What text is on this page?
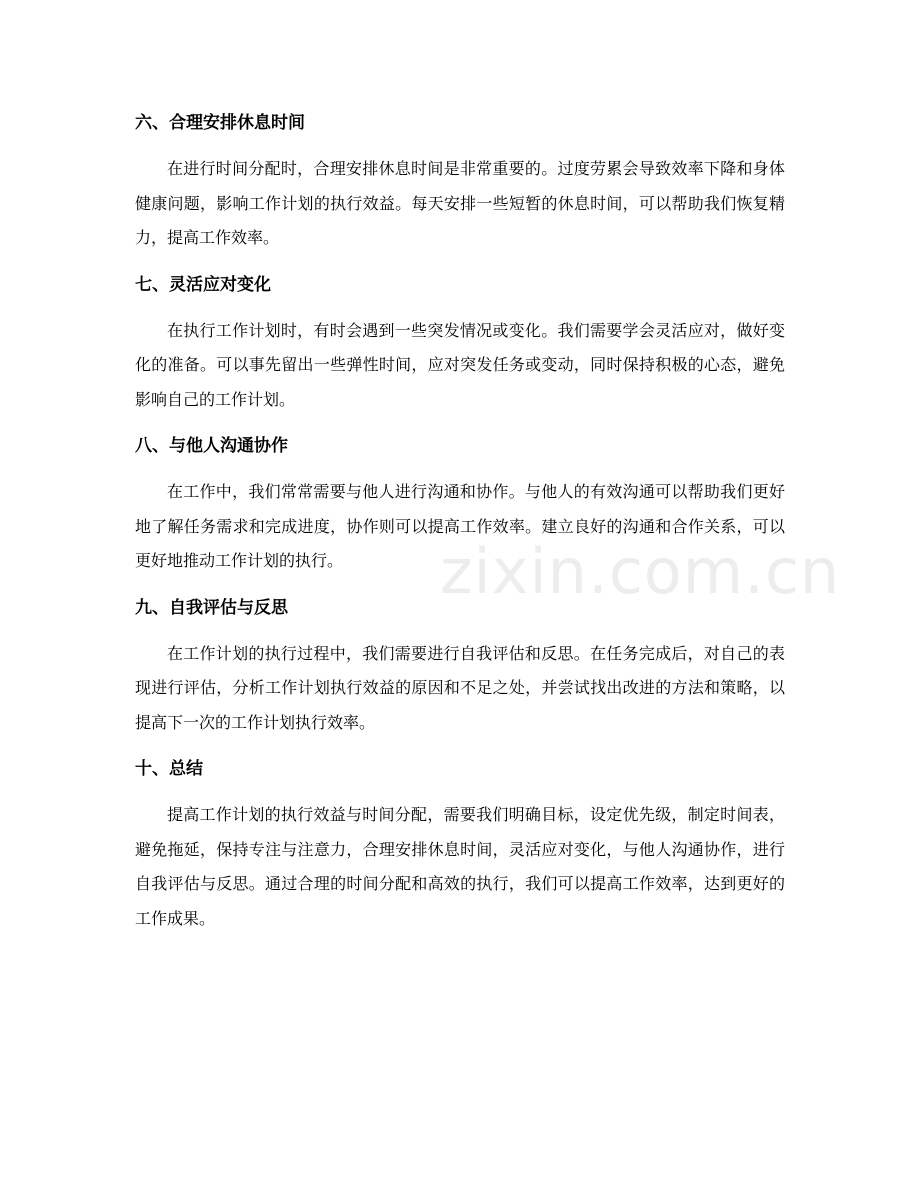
六、合理安排休息时间

在进行时间分配时，合理安排休息时间是非常重要的。过度劳累会导致效率下降和身体健康问题，影响工作计划的执行效益。每天安排一些短暂的休息时间，可以帮助我们恢复精力，提高工作效率。

七、灵活应对变化

在执行工作计划时，有时会遇到一些突发情况或变化。我们需要学会灵活应对，做好变化的准备。可以事先留出一些弹性时间，应对突发任务或变动，同时保持积极的心态，避免影响自己的工作计划。

八、与他人沟通协作

在工作中，我们常常需要与他人进行沟通和协作。与他人的有效沟通可以帮助我们更好地了解任务需求和完成进度，协作则可以提高工作效率。建立良好的沟通和合作关系，可以更好地推动工作计划的执行。

九、自我评估与反思

在工作计划的执行过程中，我们需要进行自我评估和反思。在任务完成后，对自己的表现进行评估，分析工作计划执行效益的原因和不足之处，并尝试找出改进的方法和策略，以提高下一次的工作计划执行效率。

十、总结

提高工作计划的执行效益与时间分配，需要我们明确目标，设定优先级，制定时间表，避免拖延，保持专注与注意力，合理安排休息时间，灵活应对变化，与他人沟通协作，进行自我评估与反思。通过合理的时间分配和高效的执行，我们可以提高工作效率，达到更好的工作成果。

zixin.com.cn
